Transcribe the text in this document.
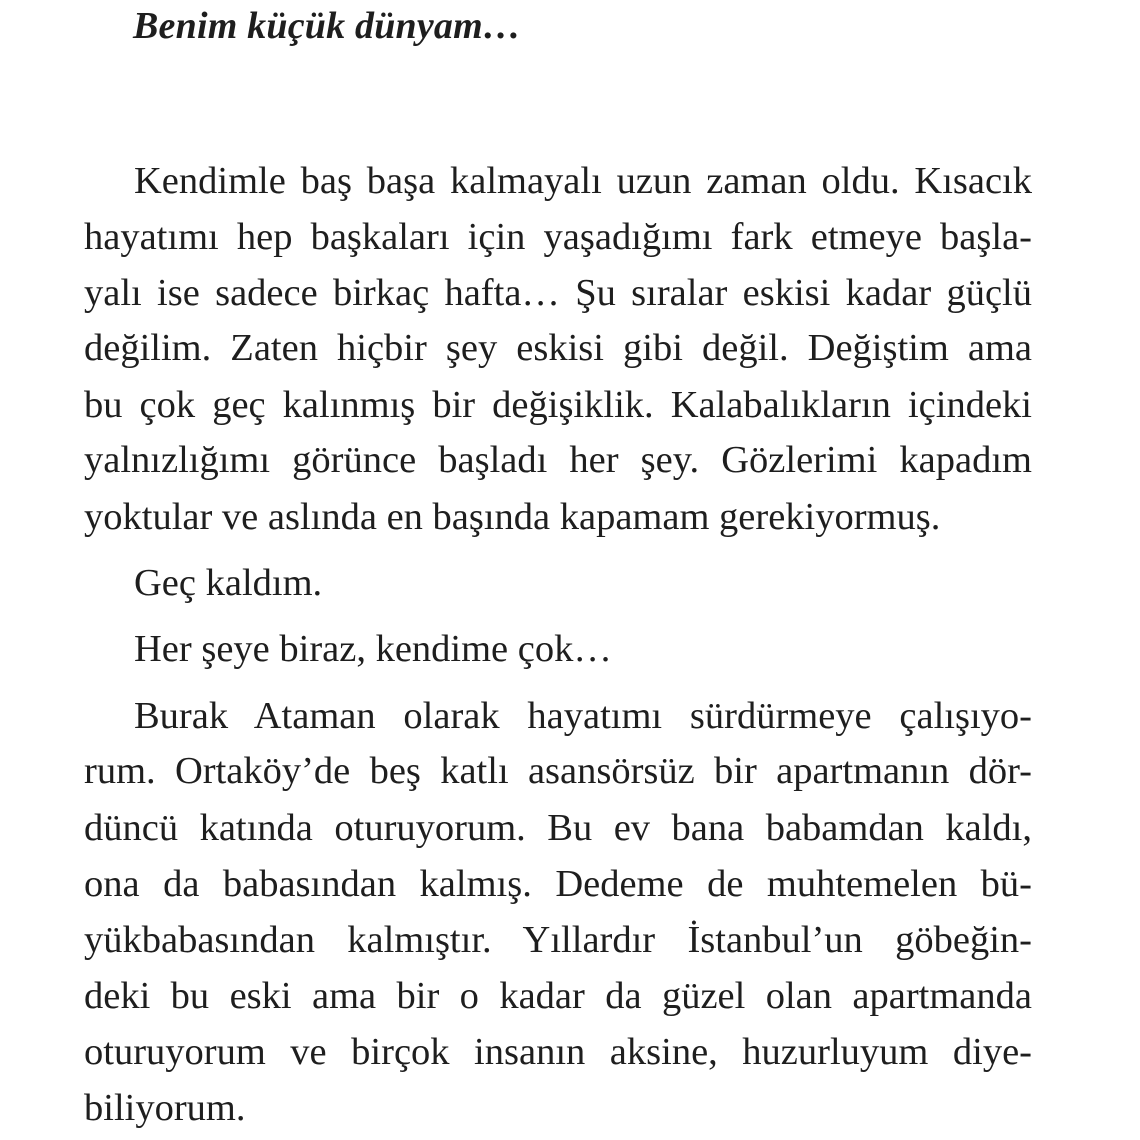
Benim küçük dünyam…

Kendimle baş başa kalmayalı uzun zaman oldu. Kısacık

hayatımı hep başkaları için yaşadığımı fark etmeye başla-

yalı ise sadece birkaç hafta… Şu sıralar eskisi kadar güçlü

değilim. Zaten hiçbir şey eskisi gibi değil. Değiştim ama

bu çok geç kalınmış bir değişiklik. Kalabalıkların içindeki

yalnızlığımı görünce başladı her şey. Gözlerimi kapadım

yoktular ve aslında en başında kapamam gerekiyormuş.

Geç kaldım.

Her şeye biraz, kendime çok…

Burak Ataman olarak hayatımı sürdürmeye çalışıyo-

rum. Ortaköy’de beş katlı asansörsüz bir apartmanın dör-

düncü katında oturuyorum. Bu ev bana babamdan kaldı,

ona da babasından kalmış. Dedeme de muhtemelen bü-

yükbabasından kalmıştır. Yıllardır İstanbul’un göbeğin-

deki bu eski ama bir o kadar da güzel olan apartmanda

oturuyorum ve birçok insanın aksine, huzurluyum diye-

biliyorum.
